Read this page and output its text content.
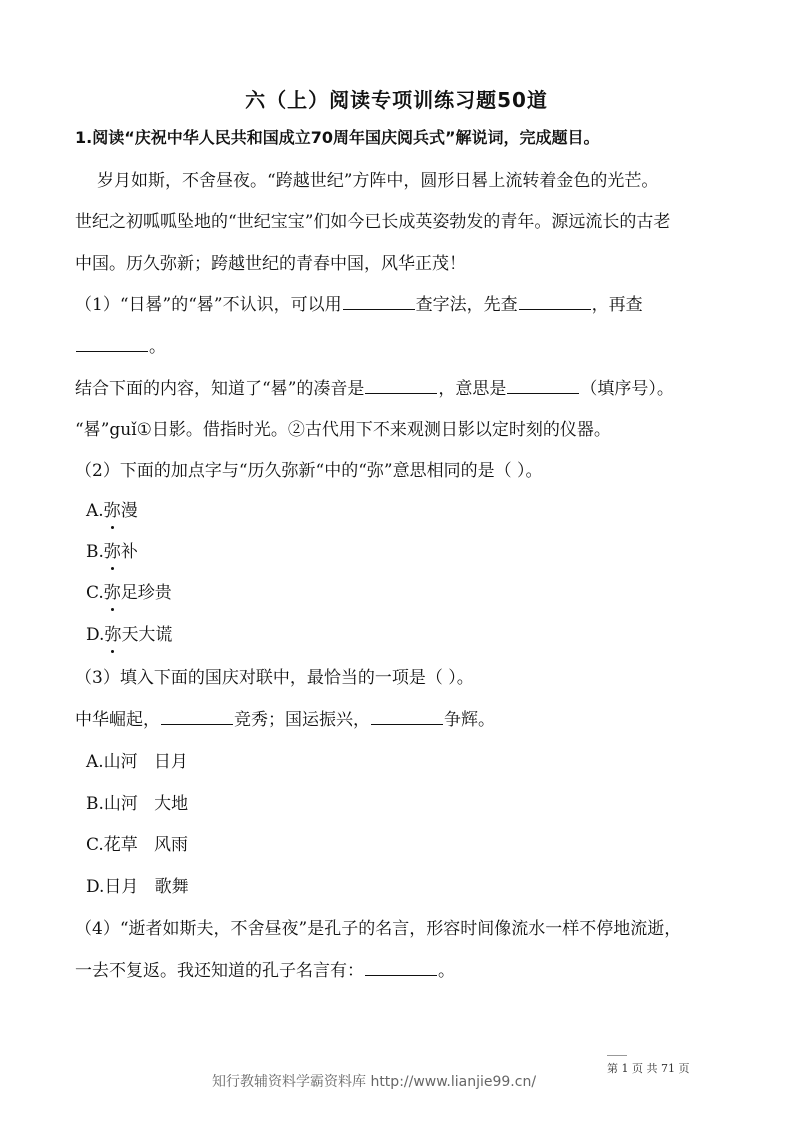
六（上）阅读专项训练习题50道
1.阅读“庆祝中华人民共和国成立70周年国庆阅兵式”解说词，完成题目。
岁月如斯，不舍昼夜。“跨越世纪”方阵中，圆形日晷上流转着金色的光芒。
世纪之初呱呱坠地的“世纪宝宝”们如今已长成英姿勃发的青年。源远流长的古老
中国。历久弥新；跨越世纪的青春中国，风华正茂！
（1）“日晷”的“晷”不认识，可以用	查字法，先查	，再查
。
结合下面的内容，知道了“晷”的凑音是	，意思是	（填序号）。
“晷”guǐ①日影。借指时光。②古代用下不来观测日影以定时刻的仪器。
（2）下面的加点字与“历久弥新“中的“弥”意思相同的是（ ）。
A.弥漫
B.弥补
C.弥足珍贵
D.弥天大谎
（3）填入下面的国庆对联中，最恰当的一项是（ ）。
中华崛起，	竞秀；国运振兴，	争辉。
A.山河   日月
B.山河   大地
C.花草   风雨
D.日月   歌舞
（4）“逝者如斯夫，不舍昼夜”是孔子的名言，形容时间像流水一样不停地流逝，
一去不复返。我还知道的孔子名言有：	。
第 1 页 共 71 页
知行教辅资料学霸资料库 http://www.lianjie99.cn/
